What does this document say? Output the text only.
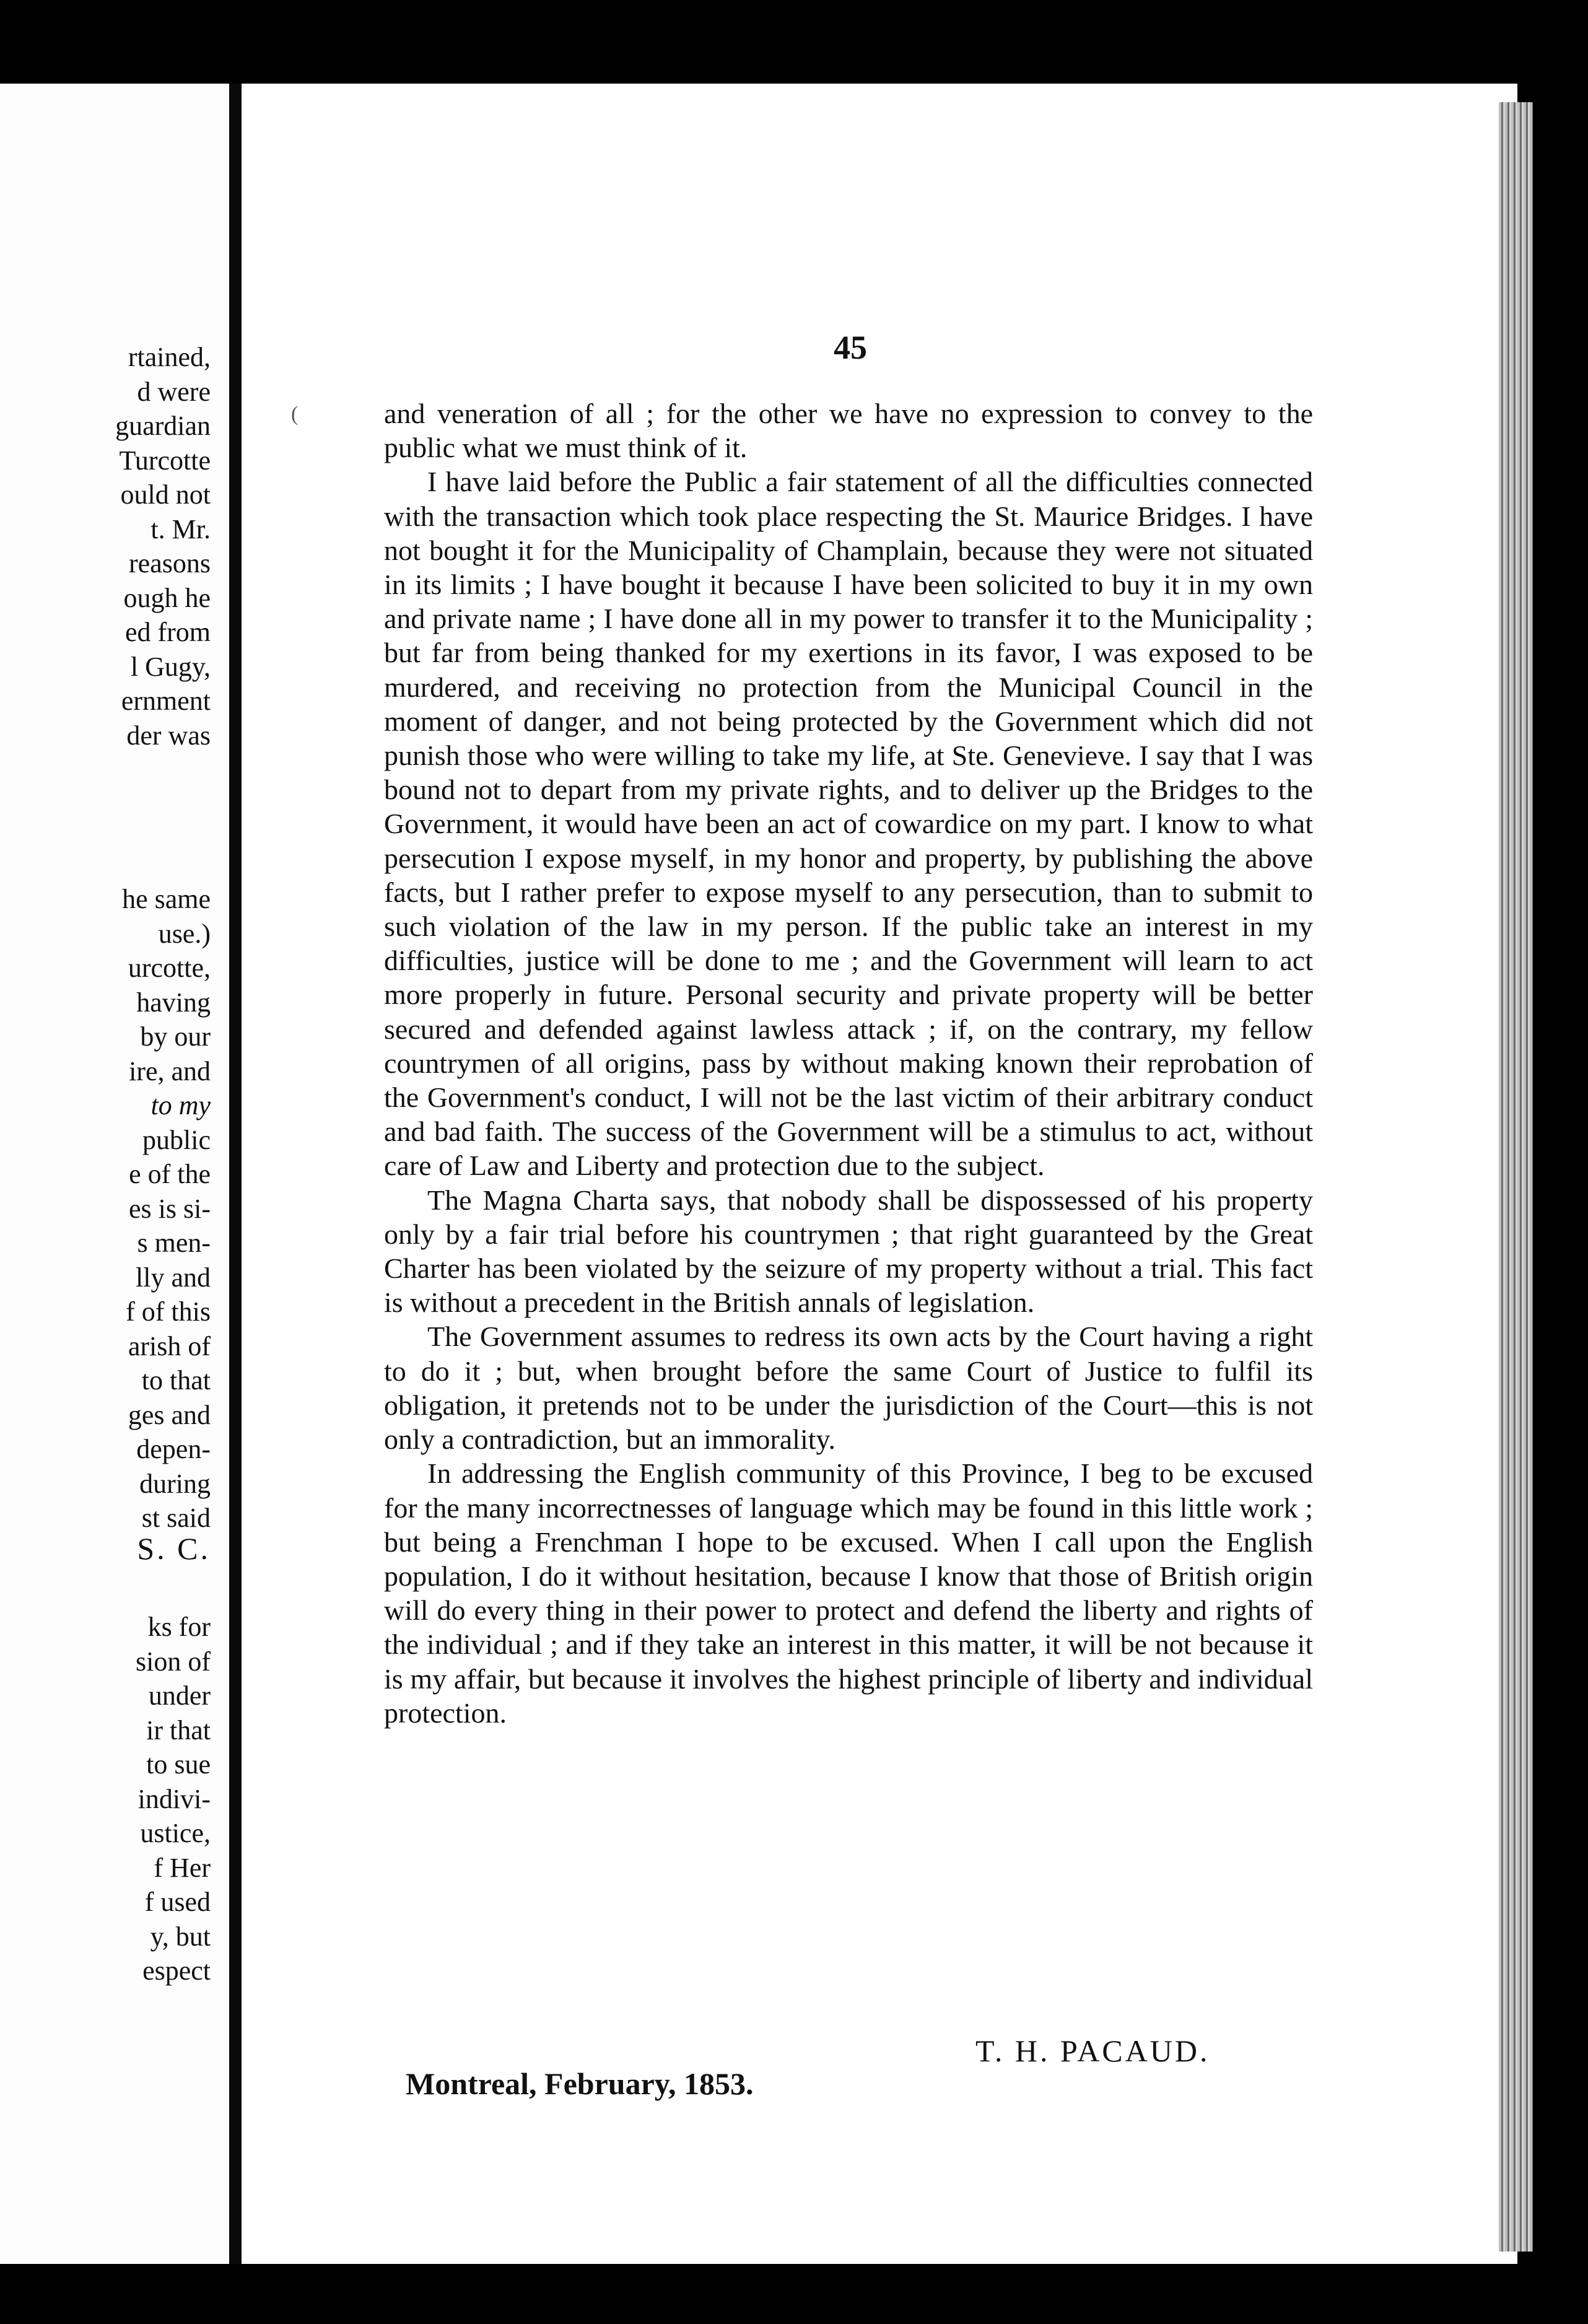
rtained,
d were
guardian
Turcotte
ould not
t. Mr.
reasons
ough he
ed from
l Gugy,
ernment
der was
he same
use.)
urcotte,
having
by our
ire, and
to my
public
e of the
es is si-
s men-
lly and
f of this
arish of
to that
ges and
depen-
during
st said
S. C.
ks for
sion of
under
ir that
to sue
indivi-
ustice,
f Her
f used
y, but
espect
(
45

and veneration of all ; for the other we have no expression to convey to the public what we must think of it.

I have laid before the Public a fair statement of all the difficulties connected with the transaction which took place respecting the St. Maurice Bridges. I have not bought it for the Municipality of Champlain, because they were not situated in its limits ; I have bought it because I have been solicited to buy it in my own and private name ; I have done all in my power to transfer it to the Municipality ; but far from being thanked for my exertions in its favor, I was exposed to be murdered, and receiving no protection from the Municipal Council in the moment of danger, and not being protected by the Government which did not punish those who were willing to take my life, at Ste. Genevieve. I say that I was bound not to depart from my private rights, and to deliver up the Bridges to the Government, it would have been an act of cowardice on my part. I know to what persecution I expose myself, in my honor and property, by publishing the above facts, but I rather prefer to expose myself to any persecution, than to submit to such violation of the law in my person. If the public take an interest in my difficulties, justice will be done to me ; and the Government will learn to act more properly in future. Personal security and private property will be better secured and defended against lawless attack ; if, on the contrary, my fellow countrymen of all origins, pass by without making known their reprobation of the Government's conduct, I will not be the last victim of their arbitrary conduct and bad faith. The success of the Government will be a stimulus to act, without care of Law and Liberty and protection due to the subject.

The Magna Charta says, that nobody shall be dispossessed of his property only by a fair trial before his countrymen ; that right guaranteed by the Great Charter has been violated by the seizure of my property without a trial. This fact is without a precedent in the British annals of legislation.

The Government assumes to redress its own acts by the Court having a right to do it ; but, when brought before the same Court of Justice to fulfil its obligation, it pretends not to be under the jurisdiction of the Court—this is not only a contradiction, but an immorality.

In addressing the English community of this Province, I beg to be excused for the many incorrectnesses of language which may be found in this little work ; but being a Frenchman I hope to be excused. When I call upon the English population, I do it without hesitation, because I know that those of British origin will do every thing in their power to protect and defend the liberty and rights of the individual ; and if they take an interest in this matter, it will be not because it is my affair, but because it involves the highest principle of liberty and individual protection.

T. H. PACAUD.
Montreal, February, 1853.
